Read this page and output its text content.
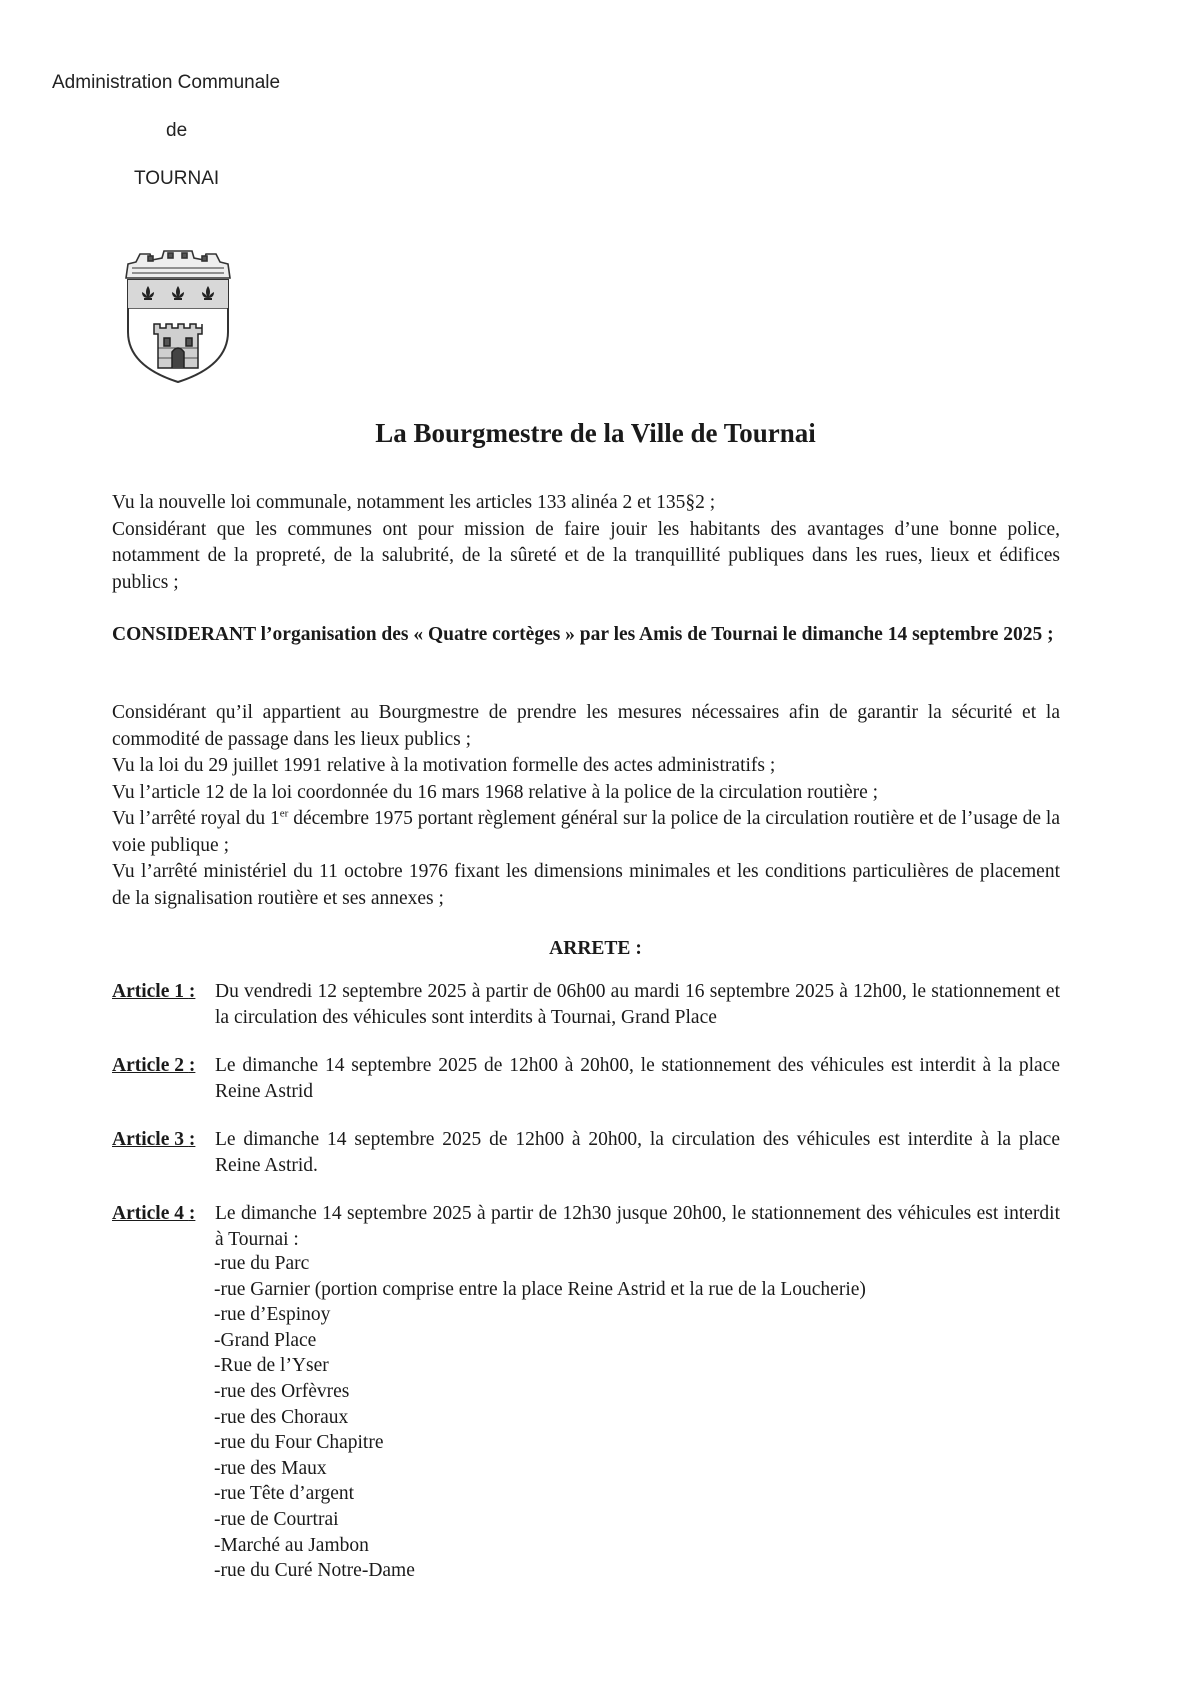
Administration Communale

de

TOURNAI

La Bourgmestre de la Ville de Tournai

Vu la nouvelle loi communale, notamment les articles 133 alinéa 2 et 135§2 ;

Considérant que les communes ont pour mission de faire jouir les habitants des avantages d’une bonne police, notamment de la propreté, de la salubrité, de la sûreté et de la tranquillité publiques dans les rues, lieux et édifices publics ;

CONSIDERANT l’organisation des « Quatre cortèges » par les Amis de Tournai le dimanche 14 septembre 2025 ;

Considérant qu’il appartient au Bourgmestre de prendre les mesures nécessaires afin de garantir la sécurité et la commodité de passage dans les lieux publics ;

Vu la loi du 29 juillet 1991 relative à la motivation formelle des actes administratifs ;

Vu l’article 12 de la loi coordonnée du 16 mars 1968 relative à la police de la circulation routière ;

Vu l’arrêté royal du 1er décembre 1975 portant règlement général sur la police de la circulation routière et de l’usage de la voie publique ;

Vu l’arrêté ministériel du 11 octobre 1976 fixant les dimensions minimales et les conditions particulières de placement de la signalisation routière et ses annexes ;

ARRETE :
Article 1 :	Du vendredi 12 septembre 2025 à partir de 06h00 au mardi 16 septembre 2025 à 12h00, le stationnement et la circulation des véhicules sont interdits à Tournai, Grand Place
Article 2 :	Le dimanche 14 septembre 2025 de 12h00 à 20h00, le stationnement des véhicules est interdit à la place Reine Astrid
Article 3 :	Le dimanche 14 septembre 2025 de 12h00 à 20h00, la circulation des véhicules est interdite à la place Reine Astrid.
Article 4 :	Le dimanche 14 septembre 2025 à partir de 12h30 jusque 20h00, le stationnement des véhicules est interdit à Tournai :
-rue du Parc
-rue Garnier (portion comprise entre la place Reine Astrid et la rue de la Loucherie)
-rue d’Espinoy
-Grand Place
-Rue de l’Yser
-rue des Orfèvres
-rue des Choraux
-rue du Four Chapitre
-rue des Maux
-rue Tête d’argent
-rue de Courtrai
-Marché au Jambon
-rue du Curé Notre-Dame
